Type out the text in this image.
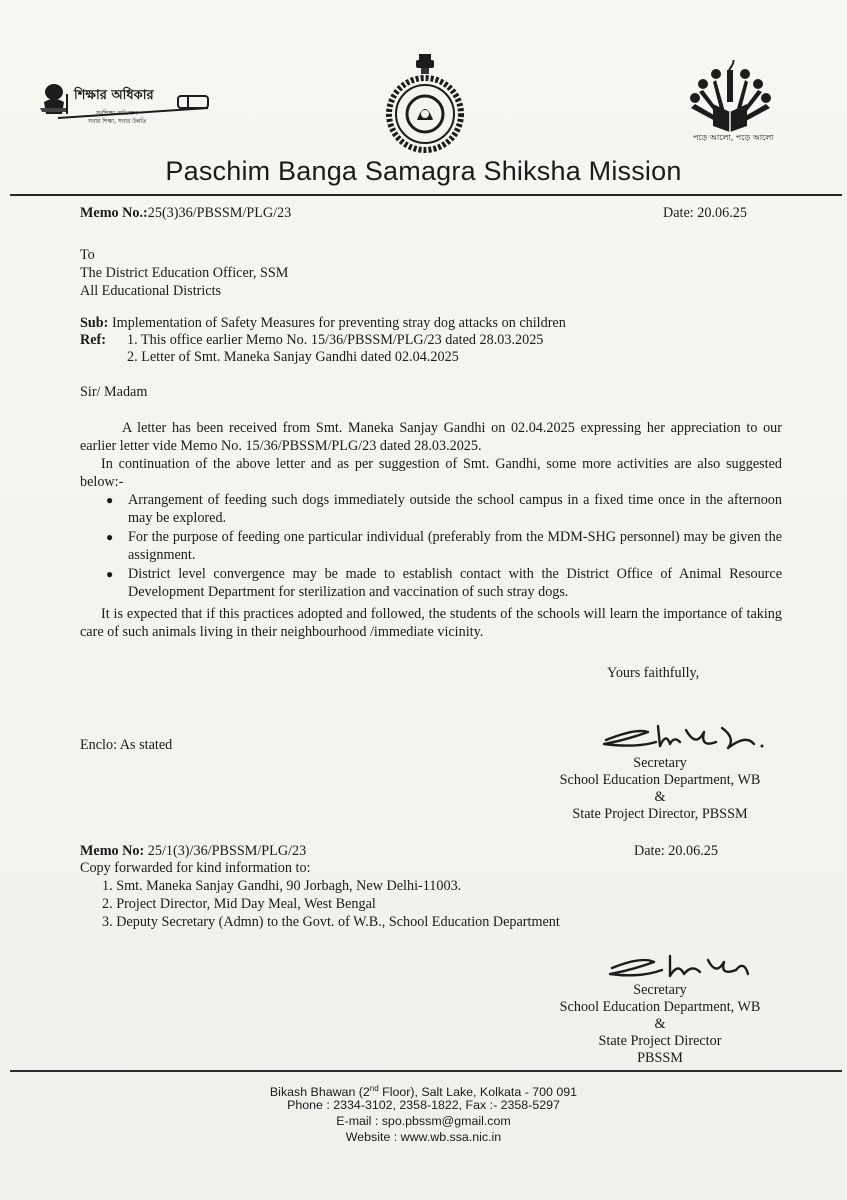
শিক্ষার অধিকার
সর্বশিক্ষা অভিযান
সবার শিক্ষা, সবার উন্নতি
পড়ে আলো, পড়ে আলো
Paschim Banga Samagra Shiksha Mission
Memo No.:25(3)36/PBSSM/PLG/23	Date: 20.06.25
To
The District Education Officer, SSM
All Educational Districts
Sub: Implementation of Safety Measures for preventing stray dog attacks on children
Ref: 1. This office earlier Memo No. 15/36/PBSSM/PLG/23 dated 28.03.2025
2. Letter of Smt. Maneka Sanjay Gandhi dated 02.04.2025
Sir/ Madam
A letter has been received from Smt. Maneka Sanjay Gandhi on 02.04.2025 expressing her appreciation to our earlier letter vide Memo No. 15/36/PBSSM/PLG/23 dated 28.03.2025.
In continuation of the above letter and as per suggestion of Smt. Gandhi, some more activities are also suggested below:-
● Arrangement of feeding such dogs immediately outside the school campus in a fixed time once in the afternoon may be explored.
● For the purpose of feeding one particular individual (preferably from the MDM-SHG personnel) may be given the assignment.
● District level convergence may be made to establish contact with the District Office of Animal Resource Development Department for sterilization and vaccination of such stray dogs.
It is expected that if this practices adopted and followed, the students of the schools will learn the importance of taking care of such animals living in their neighbourhood /immediate vicinity.
Yours faithfully,
Enclo: As stated
Secretary
School Education Department, WB
&
State Project Director, PBSSM
Memo No: 25/1(3)/36/PBSSM/PLG/23	Date: 20.06.25
Copy forwarded for kind information to:
1. Smt. Maneka Sanjay Gandhi, 90 Jorbagh, New Delhi-11003.
2. Project Director, Mid Day Meal, West Bengal
3. Deputy Secretary (Admn) to the Govt. of W.B., School Education Department
Secretary
School Education Department, WB
&
State Project Director
PBSSM
Bikash Bhawan (2nd Floor), Salt Lake, Kolkata - 700 091
Phone : 2334-3102, 2358-1822, Fax :- 2358-5297
E-mail : spo.pbssm@gmail.com
Website : www.wb.ssa.nic.in
